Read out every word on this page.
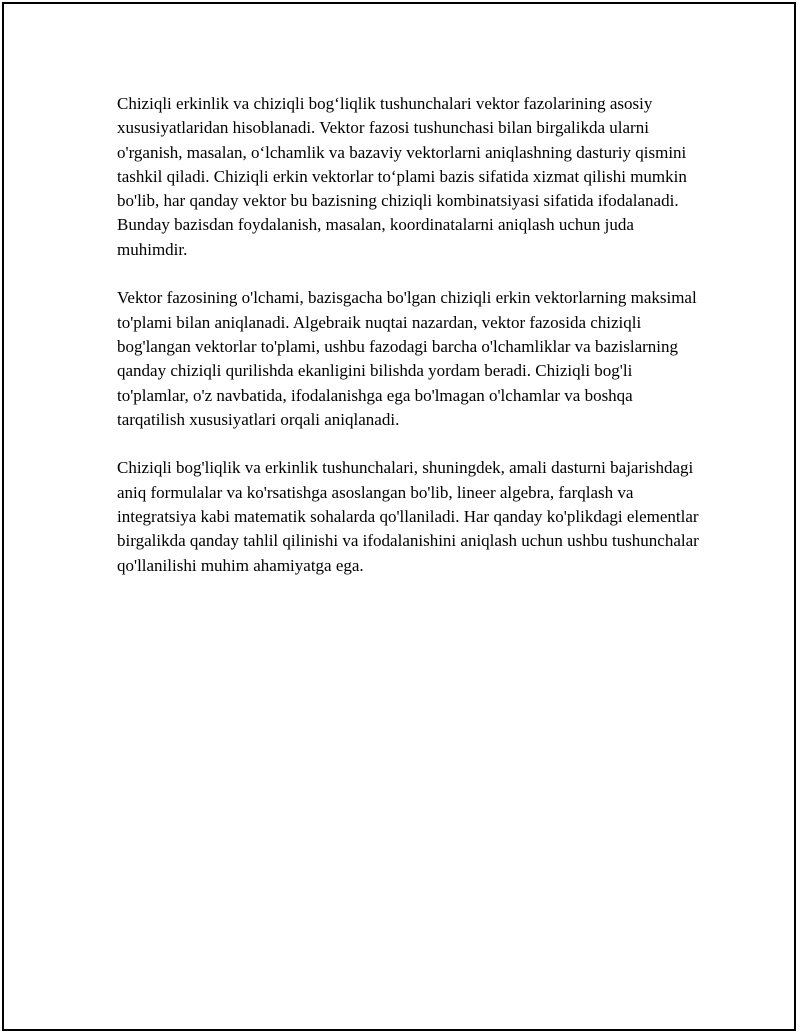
Chiziqli erkinlik va chiziqli bog‘liqlik tushunchalari vektor fazolarining asosiy xususiyatlaridan hisoblanadi. Vektor fazosi tushunchasi bilan birgalikda ularni o'rganish, masalan, o‘lchamlik va bazaviy vektorlarni aniqlashning dasturiy qismini tashkil qiladi. Chiziqli erkin vektorlar to‘plami bazis sifatida xizmat qilishi mumkin bo'lib, har qanday vektor bu bazisning chiziqli kombinatsiyasi sifatida ifodalanadi. Bunday bazisdan foydalanish, masalan, koordinatalarni aniqlash uchun juda muhimdir.

Vektor fazosining o'lchami, bazisgacha bo'lgan chiziqli erkin vektorlarning maksimal to'plami bilan aniqlanadi. Algebraik nuqtai nazardan, vektor fazosida chiziqli bog'langan vektorlar to'plami, ushbu fazodagi barcha o'lchamliklar va bazislarning qanday chiziqli qurilishda ekanligini bilishda yordam beradi. Chiziqli bog'li to'plamlar, o'z navbatida, ifodalanishga ega bo'lmagan o'lchamlar va boshqa tarqatilish xususiyatlari orqali aniqlanadi.

Chiziqli bog'liqlik va erkinlik tushunchalari, shuningdek, amali dasturni bajarishdagi aniq formulalar va ko'rsatishga asoslangan bo'lib, lineer algebra, farqlash va integratsiya kabi matematik sohalarda qo'llaniladi. Har qanday ko'plikdagi elementlar birgalikda qanday tahlil qilinishi va ifodalanishini aniqlash uchun ushbu tushunchalar qo'llanilishi muhim ahamiyatga ega.
